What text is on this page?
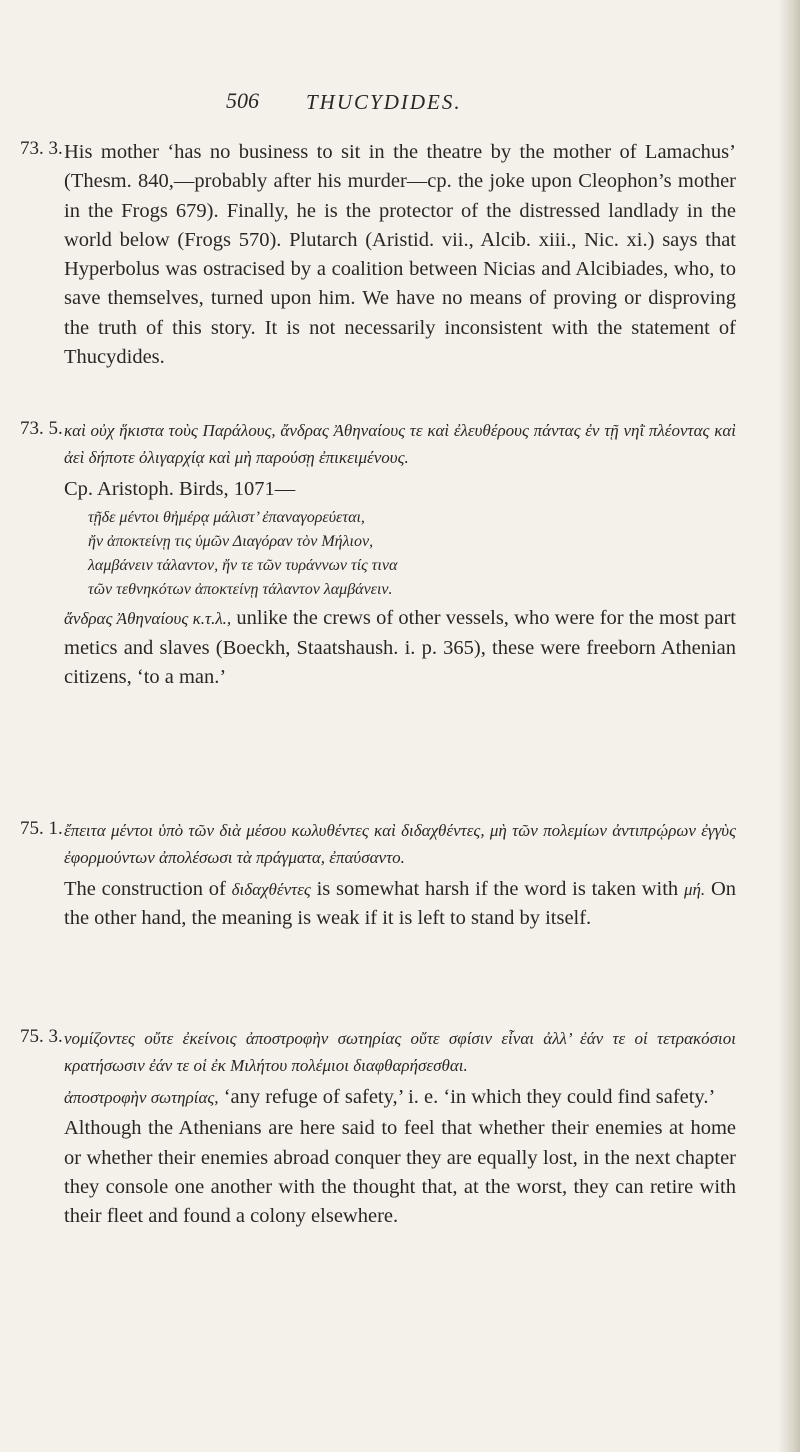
506 THUCYDIDES.
73. 3. His mother ‘has no business to sit in the theatre by the mother of Lamachus’ (Thesm. 840,—probably after his murder—cp. the joke upon Cleophon’s mother in the Frogs 679). Finally, he is the protector of the distressed landlady in the world below (Frogs 570). Plutarch (Aristid. vii., Alcib. xiii., Nic. xi.) says that Hyperbolus was ostracised by a coalition between Nicias and Alcibiades, who, to save themselves, turned upon him. We have no means of proving or disproving the truth of this story. It is not necessarily inconsistent with the statement of Thucydides.

73. 5. καὶ οὐχ ἥκιστα τοὺς Παράλους, ἄνδρας Ἀθηναίους τε καὶ ἐλευθέρους πάντας ἐν τῇ νηῒ πλέοντας καὶ ἀεὶ δήποτε ὀλιγαρχίᾳ καὶ μὴ παρούσῃ ἐπικειμένους.

Cp. Aristoph. Birds, 1071—

τῇδε μέντοι θἠμέρᾳ μάλιστ’ ἐπαναγορεύεται,

ἤν ἀποκτείνῃ τις ὑμῶν Διαγόραν τὸν Μήλιον,

λαμβάνειν τάλαντον, ἤν τε τῶν τυράννων τίς τινα

τῶν τεθνηκότων ἀποκτείνῃ τάλαντον λαμβάνειν.

ἄνδρας Ἀθηναίους κ.τ.λ., unlike the crews of other vessels, who were for the most part metics and slaves (Boeckh, Staatshaush. i. p. 365), these were freeborn Athenian citizens, ‘to a man.’

75. 1. ἔπειτα μέντοι ὑπὸ τῶν διὰ μέσου κωλυθέντες καὶ διδαχθέντες, μὴ τῶν πολεμίων ἀντιπρῴρων ἐγγὺς ἐφορμούντων ἀπολέσωσι τὰ πράγματα, ἐπαύσαντο.

The construction of διδαχθέντες is somewhat harsh if the word is taken with μή. On the other hand, the meaning is weak if it is left to stand by itself.

75. 3. νομίζοντες οὔτε ἐκείνοις ἀποστροφὴν σωτηρίας οὔτε σφίσιν εἶναι ἀλλ’ ἐάν τε οἱ τετρακόσιοι κρατήσωσιν ἐάν τε οἱ ἐκ Μιλήτου πολέμιοι διαφθαρήσεσθαι.

ἀποστροφὴν σωτηρίας, ‘any refuge of safety,’ i. e. ‘in which they could find safety.’

Although the Athenians are here said to feel that whether their enemies at home or whether their enemies abroad conquer they are equally lost, in the next chapter they console one another with the thought that, at the worst, they can retire with their fleet and found a colony elsewhere.
